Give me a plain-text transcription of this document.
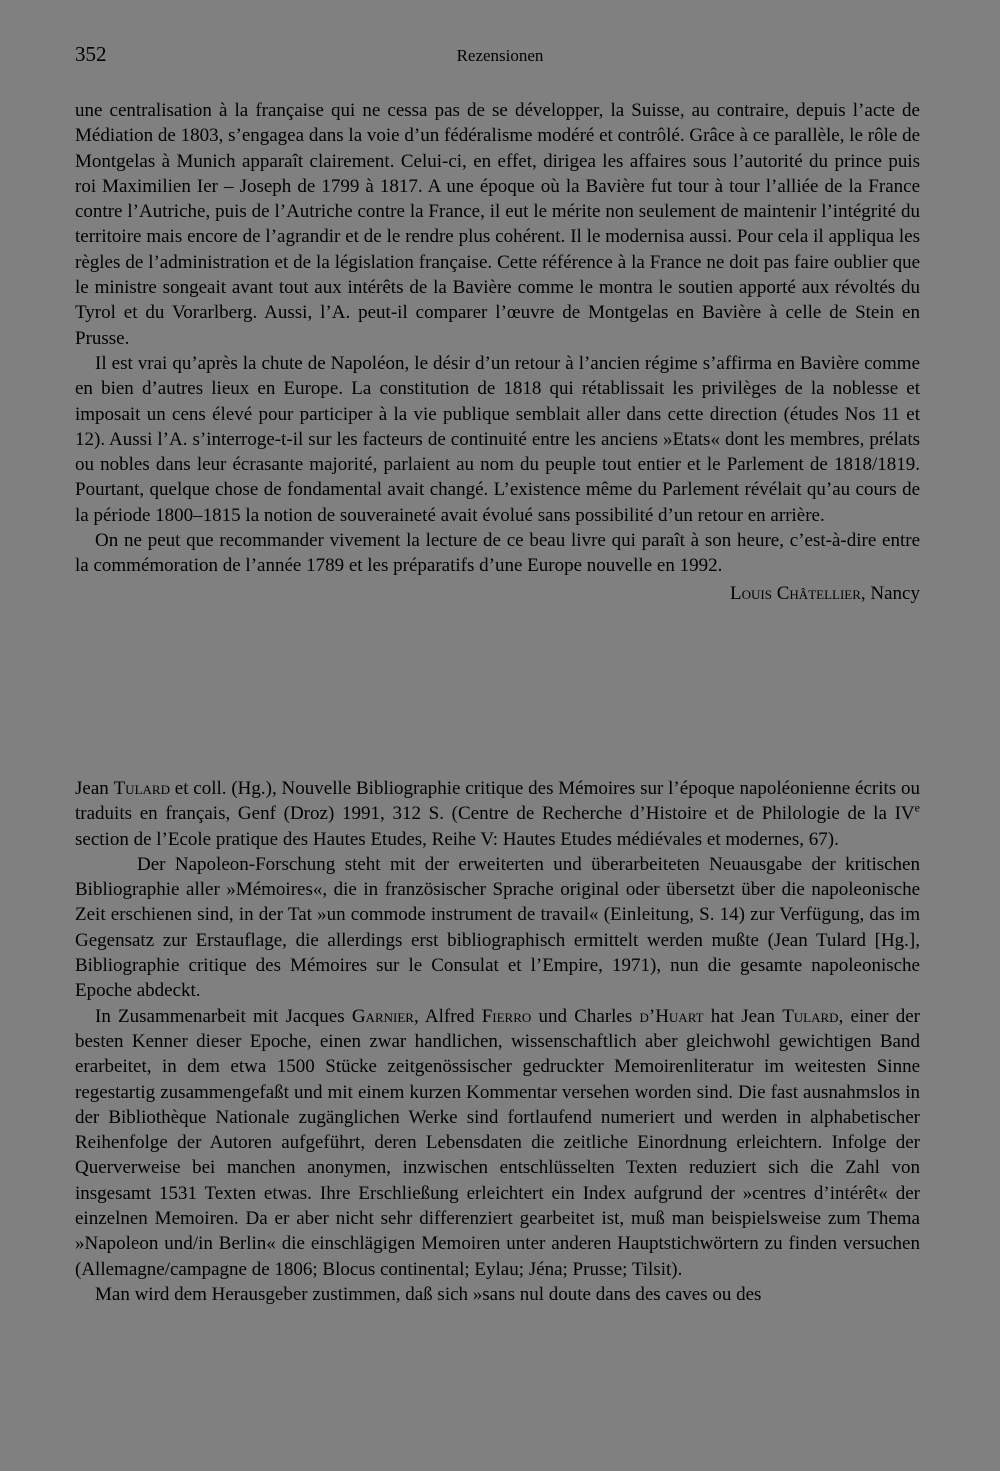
352	Rezensionen

une centralisation à la française qui ne cessa pas de se développer, la Suisse, au contraire, depuis l’acte de Médiation de 1803, s’engagea dans la voie d’un fédéralisme modéré et contrôlé. Grâce à ce parallèle, le rôle de Montgelas à Munich apparaît clairement. Celui-ci, en effet, dirigea les affaires sous l’autorité du prince puis roi Maximilien Ier – Joseph de 1799 à 1817. A une époque où la Bavière fut tour à tour l’alliée de la France contre l’Autriche, puis de l’Autriche contre la France, il eut le mérite non seulement de maintenir l’intégrité du territoire mais encore de l’agrandir et de le rendre plus cohérent. Il le modernisa aussi. Pour cela il appliqua les règles de l’administration et de la législation française. Cette référence à la France ne doit pas faire oublier que le ministre songeait avant tout aux intérêts de la Bavière comme le montra le soutien apporté aux révoltés du Tyrol et du Vorarlberg. Aussi, l’A. peut-il comparer l’œuvre de Montgelas en Bavière à celle de Stein en Prusse.

Il est vrai qu’après la chute de Napoléon, le désir d’un retour à l’ancien régime s’affirma en Bavière comme en bien d’autres lieux en Europe. La constitution de 1818 qui rétablissait les privilèges de la noblesse et imposait un cens élevé pour participer à la vie publique semblait aller dans cette direction (études Nos 11 et 12). Aussi l’A. s’interroge-t-il sur les facteurs de continuité entre les anciens »Etats« dont les membres, prélats ou nobles dans leur écrasante majorité, parlaient au nom du peuple tout entier et le Parlement de 1818/1819. Pourtant, quelque chose de fondamental avait changé. L’existence même du Parlement révélait qu’au cours de la période 1800–1815 la notion de souveraineté avait évolué sans possibilité d’un retour en arrière.

On ne peut que recommander vivement la lecture de ce beau livre qui paraît à son heure, c’est-à-dire entre la commémoration de l’année 1789 et les préparatifs d’une Europe nouvelle en 1992.

Louis Châtellier, Nancy

Jean Tulard et coll. (Hg.), Nouvelle Bibliographie critique des Mémoires sur l’époque napoléonienne écrits ou traduits en français, Genf (Droz) 1991, 312 S. (Centre de Recherche d’Histoire et de Philologie de la IVe section de l’Ecole pratique des Hautes Etudes, Reihe V: Hautes Etudes médiévales et modernes, 67).

Der Napoleon-Forschung steht mit der erweiterten und überarbeiteten Neuausgabe der kritischen Bibliographie aller »Mémoires«, die in französischer Sprache original oder übersetzt über die napoleonische Zeit erschienen sind, in der Tat »un commode instrument de travail« (Einleitung, S. 14) zur Verfügung, das im Gegensatz zur Erstauflage, die allerdings erst bibliographisch ermittelt werden mußte (Jean Tulard [Hg.], Bibliographie critique des Mémoires sur le Consulat et l’Empire, 1971), nun die gesamte napoleonische Epoche abdeckt.

In Zusammenarbeit mit Jacques Garnier, Alfred Fierro und Charles d’Huart hat Jean Tulard, einer der besten Kenner dieser Epoche, einen zwar handlichen, wissenschaftlich aber gleichwohl gewichtigen Band erarbeitet, in dem etwa 1500 Stücke zeitgenössischer gedruckter Memoirenliteratur im weitesten Sinne regestartig zusammengefaßt und mit einem kurzen Kommentar versehen worden sind. Die fast ausnahmslos in der Bibliothèque Nationale zugänglichen Werke sind fortlaufend numeriert und werden in alphabetischer Reihenfolge der Autoren aufgeführt, deren Lebensdaten die zeitliche Einordnung erleichtern. Infolge der Querverweise bei manchen anonymen, inzwischen entschlüsselten Texten reduziert sich die Zahl von insgesamt 1531 Texten etwas. Ihre Erschließung erleichtert ein Index aufgrund der »centres d’intérêt« der einzelnen Memoiren. Da er aber nicht sehr differenziert gearbeitet ist, muß man beispielsweise zum Thema »Napoleon und/in Berlin« die einschlägigen Memoiren unter anderen Hauptstichwörtern zu finden versuchen (Allemagne/campagne de 1806; Blocus continental; Eylau; Jéna; Prusse; Tilsit).

Man wird dem Herausgeber zustimmen, daß sich »sans nul doute dans des caves ou des
